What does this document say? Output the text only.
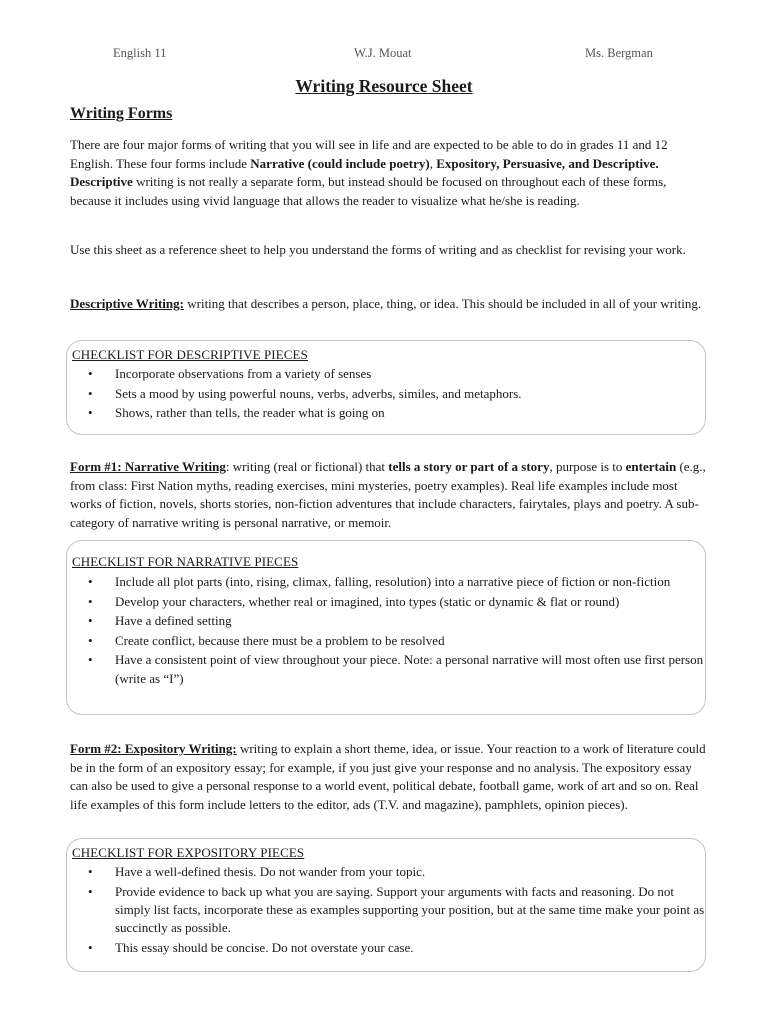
English 11	W.J. Mouat	Ms. Bergman
Writing Resource Sheet
Writing Forms

There are four major forms of writing that you will see in life and are expected to be able to do in grades 11 and 12 English. These four forms include Narrative (could include poetry), Expository, Persuasive, and Descriptive. Descriptive writing is not really a separate form, but instead should be focused on throughout each of these forms, because it includes using vivid language that allows the reader to visualize what he/she is reading.

Use this sheet as a reference sheet to help you understand the forms of writing and as checklist for revising your work.

Descriptive Writing: writing that describes a person, place, thing, or idea. This should be included in all of your writing.

CHECKLIST FOR DESCRIPTIVE PIECES
• Incorporate observations from a variety of senses
• Sets a mood by using powerful nouns, verbs, adverbs, similes, and metaphors.
• Shows, rather than tells, the reader what is going on

Form #1: Narrative Writing: writing (real or fictional) that tells a story or part of a story, purpose is to entertain (e.g., from class: First Nation myths, reading exercises, mini mysteries, poetry examples). Real life examples include most works of fiction, novels, shorts stories, non-fiction adventures that include characters, fairytales, plays and poetry. A sub-category of narrative writing is personal narrative, or memoir.

CHECKLIST FOR NARRATIVE PIECES
• Include all plot parts (into, rising, climax, falling, resolution) into a narrative piece of fiction or non-fiction
• Develop your characters, whether real or imagined, into types (static or dynamic & flat or round)
• Have a defined setting
• Create conflict, because there must be a problem to be resolved
• Have a consistent point of view throughout your piece. Note: a personal narrative will most often use first person (write as “I”)

Form #2: Expository Writing: writing to explain a short theme, idea, or issue. Your reaction to a work of literature could be in the form of an expository essay; for example, if you just give your response and no analysis. The expository essay can also be used to give a personal response to a world event, political debate, football game, work of art and so on. Real life examples of this form include letters to the editor, ads (T.V. and magazine), pamphlets, opinion pieces).

CHECKLIST FOR EXPOSITORY PIECES
• Have a well-defined thesis. Do not wander from your topic.
• Provide evidence to back up what you are saying. Support your arguments with facts and reasoning. Do not simply list facts, incorporate these as examples supporting your position, but at the same time make your point as succinctly as possible.
• This essay should be concise. Do not overstate your case.
